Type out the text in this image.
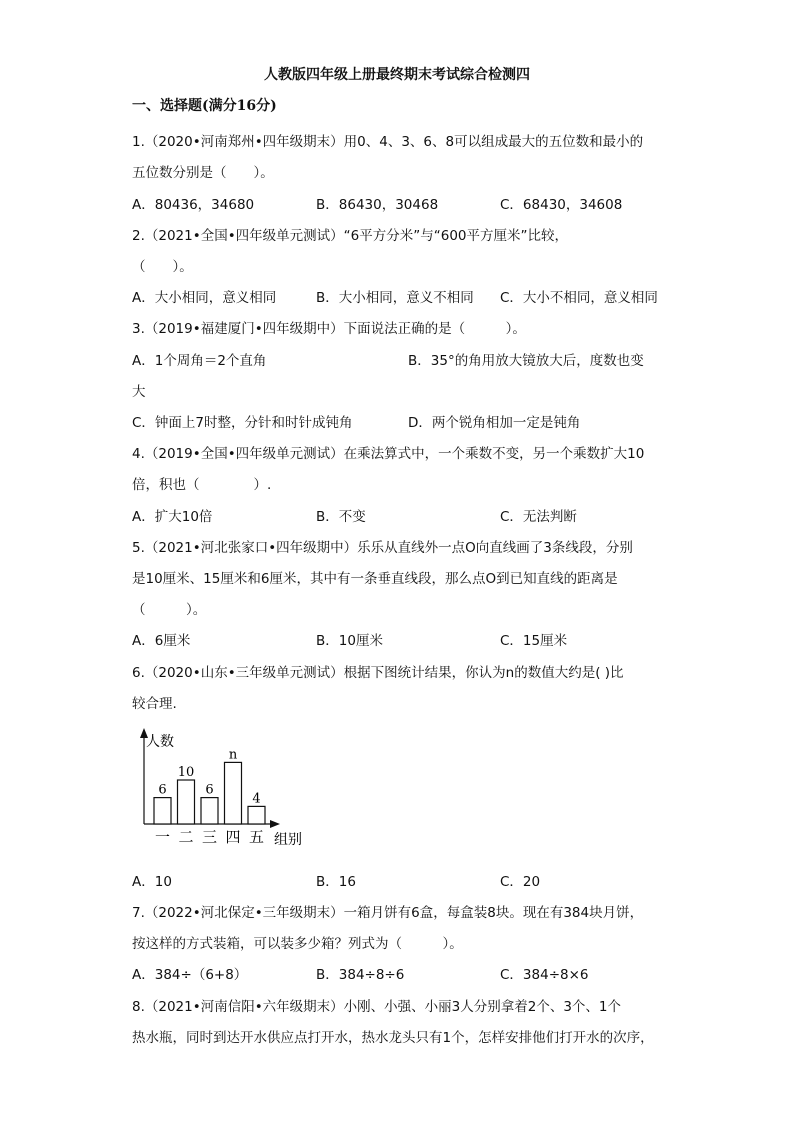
人教版四年级上册最终期末考试综合检测四
一、选择题(满分16分)
1.（2020•河南郑州•四年级期末）用0、4、3、6、8可以组成最大的五位数和最小的
五位数分别是（　　）。
A．80436，34680	B．86430，30468	C．68430，34608
2.（2021•全国•四年级单元测试）“6平方分米”与“600平方厘米”比较，
（　　）。
A．大小相同，意义相同	B．大小相同，意义不相同 C．大小不相同，意义相同
3.（2019•福建厦门•四年级期中）下面说法正确的是（　　　）。
A．1个周角＝2个直角	B．35°的角用放大镜放大后，度数也变
大
C．钟面上7时整，分针和时针成钝角	D．两个锐角相加一定是钝角
4.（2019•全国•四年级单元测试）在乘法算式中，一个乘数不变，另一个乘数扩大10
倍，积也（　　　　）.
A．扩大10倍	B．不变	C．无法判断
5.（2021•河北张家口•四年级期中）乐乐从直线外一点O向直线画了3条线段，分别
是10厘米、15厘米和6厘米，其中有一条垂直线段，那么点O到已知直线的距离是
（　　　）。
A．6厘米	B．10厘米	C．15厘米
6.（2020•山东•三年级单元测试）根据下图统计结果，你认为n的数值大约是( )比
较合理.
人数
组别
6
一
10
二
6
三
n
四
4
五
A．10	B．16	C．20
7.（2022•河北保定•三年级期末）一箱月饼有6盒，每盒装8块。现在有384块月饼，
按这样的方式装箱，可以装多少箱？列式为（　　　）。
A．384÷（6+8）	B．384÷8÷6	C．384÷8×6
8.（2021•河南信阳•六年级期末）小刚、小强、小丽3人分别拿着2个、3个、1个
热水瓶，同时到达开水供应点打开水，热水龙头只有1个，怎样安排他们打开水的次序，
